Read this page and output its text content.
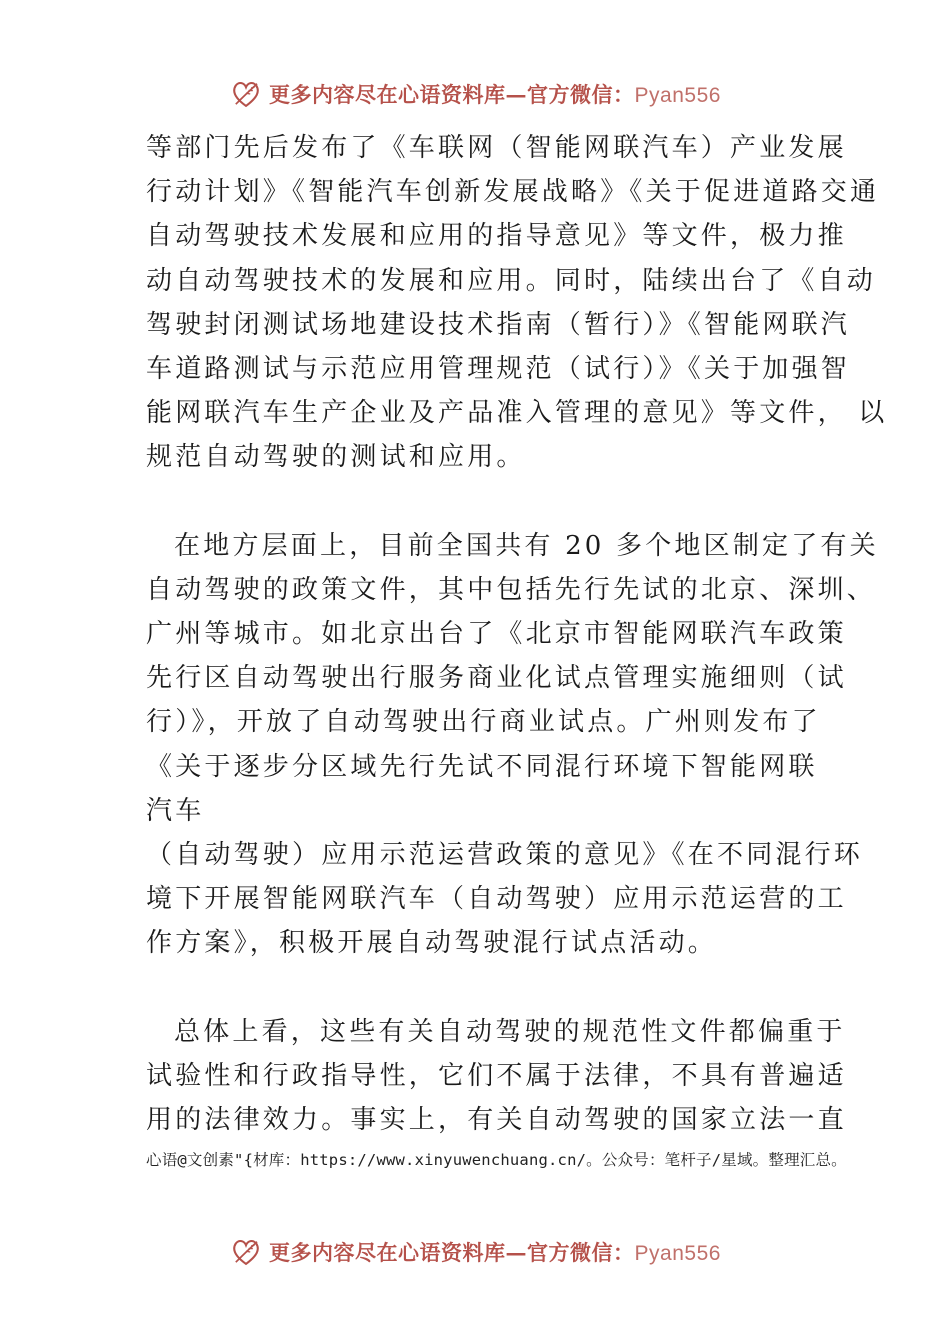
更多内容尽在心语资料库—官方微信：Pyan556

等部门先后发布了《车联网（智能网联汽车）产业发展
行动计划》《智能汽车创新发展战略》《关于促进道路交通
自动驾驶技术发展和应用的指导意见》等文件，极力推
动自动驾驶技术的发展和应用。同时，陆续出台了《自动
驾驶封闭测试场地建设技术指南（暂行）》《智能网联汽
车道路测试与示范应用管理规范（试行）》《关于加强智
能网联汽车生产企业及产品准入管理的意见》等文件， 以
规范自动驾驶的测试和应用。

在地方层面上，目前全国共有 20 多个地区制定了有关
自动驾驶的政策文件，其中包括先行先试的北京、深圳、
广州等城市。如北京出台了《北京市智能网联汽车政策
先行区自动驾驶出行服务商业化试点管理实施细则（试
行）》，开放了自动驾驶出行商业试点。广州则发布了
《关于逐步分区域先行先试不同混行环境下智能网联
汽车
（自动驾驶）应用示范运营政策的意见》《在不同混行环
境下开展智能网联汽车（自动驾驶）应用示范运营的工
作方案》，积极开展自动驾驶混行试点活动。

总体上看，这些有关自动驾驶的规范性文件都偏重于
试验性和行政指导性，它们不属于法律，不具有普遍适
用的法律效力。事实上，有关自动驾驶的国家立法一直

心语@文创素"{材库：https://www.xinyuwenchuang.cn/。公众号：笔杆子/星域。整理汇总。
更多内容尽在心语资料库—官方微信：Pyan556
